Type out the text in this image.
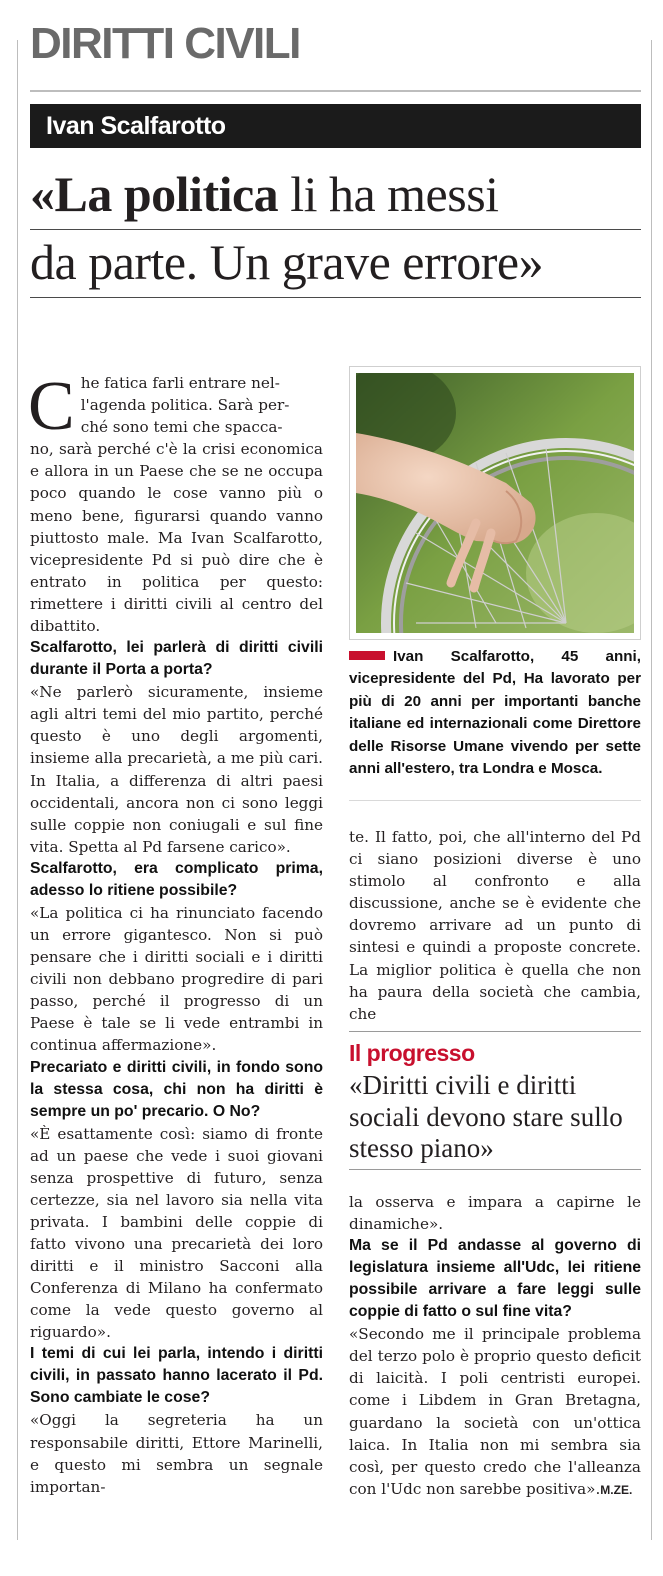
DIRITTI CIVILI
Ivan Scalfarotto
«La politica li ha messi
da parte. Un grave errore»

C he fatica farli entrare nel-
l'agenda politica. Sarà per-
ché sono temi che spacca-
no, sarà perché c'è la crisi economica e allora in un Paese che se ne occupa poco quando le cose vanno più o meno bene, figurarsi quando vanno piuttosto male. Ma Ivan Scalfarotto, vicepresidente Pd si può dire che è entrato in politica per questo: rimettere i diritti civili al centro del dibattito.

Scalfarotto, lei parlerà di diritti civili durante il Porta a porta?

«Ne parlerò sicuramente, insieme agli altri temi del mio partito, perché questo è uno degli argomenti, insieme alla precarietà, a me più cari. In Italia, a differenza di altri paesi occidentali, ancora non ci sono leggi sulle coppie non coniugali e sul fine vita. Spetta al Pd farsene carico».

Scalfarotto, era complicato prima, adesso lo ritiene possibile?

«La politica ci ha rinunciato facendo un errore gigantesco. Non si può pensare che i diritti sociali e i diritti civili non debbano progredire di pari passo, perché il progresso di un Paese è tale se li vede entrambi in continua affermazione».

Precariato e diritti civili, in fondo sono la stessa cosa, chi non ha diritti è sempre un po' precario. O No?

«È esattamente così: siamo di fronte ad un paese che vede i suoi giovani senza prospettive di futuro, senza certezze, sia nel lavoro sia nella vita privata. I bambini delle coppie di fatto vivono una precarietà dei loro diritti e il ministro Sacconi alla Conferenza di Milano ha confermato come la vede questo governo al riguardo».

I temi di cui lei parla, intendo i diritti civili, in passato hanno lacerato il Pd. Sono cambiate le cose?

«Oggi la segreteria ha un responsabile diritti, Ettore Marinelli, e questo mi sembra un segnale importan-

Ivan Scalfarotto, 45 anni, vicepresidente del Pd, Ha lavorato per più di 20 anni per importanti banche italiane ed internazionali come Direttore delle Risorse Umane vivendo per sette anni all'estero, tra Londra e Mosca.

te. Il fatto, poi, che all'interno del Pd ci siano posizioni diverse è uno stimolo al confronto e alla discussione, anche se è evidente che dovremo arrivare ad un punto di sintesi e quindi a proposte concrete. La miglior politica è quella che non ha paura della società che cambia, che

Il progresso
«Diritti civili e diritti sociali devono stare sullo stesso piano»

la osserva e impara a capirne le dinamiche».

Ma se il Pd andasse al governo di legislatura insieme all'Udc, lei ritiene possibile arrivare a fare leggi sulle coppie di fatto o sul fine vita?

«Secondo me il principale problema del terzo polo è proprio questo deficit di laicità. I poli centristi europei. come i Libdem in Gran Bretagna, guardano la società con un'ottica laica. In Italia non mi sembra sia così, per questo credo che l'alleanza con l'Udc non sarebbe positiva».M.ZE.
